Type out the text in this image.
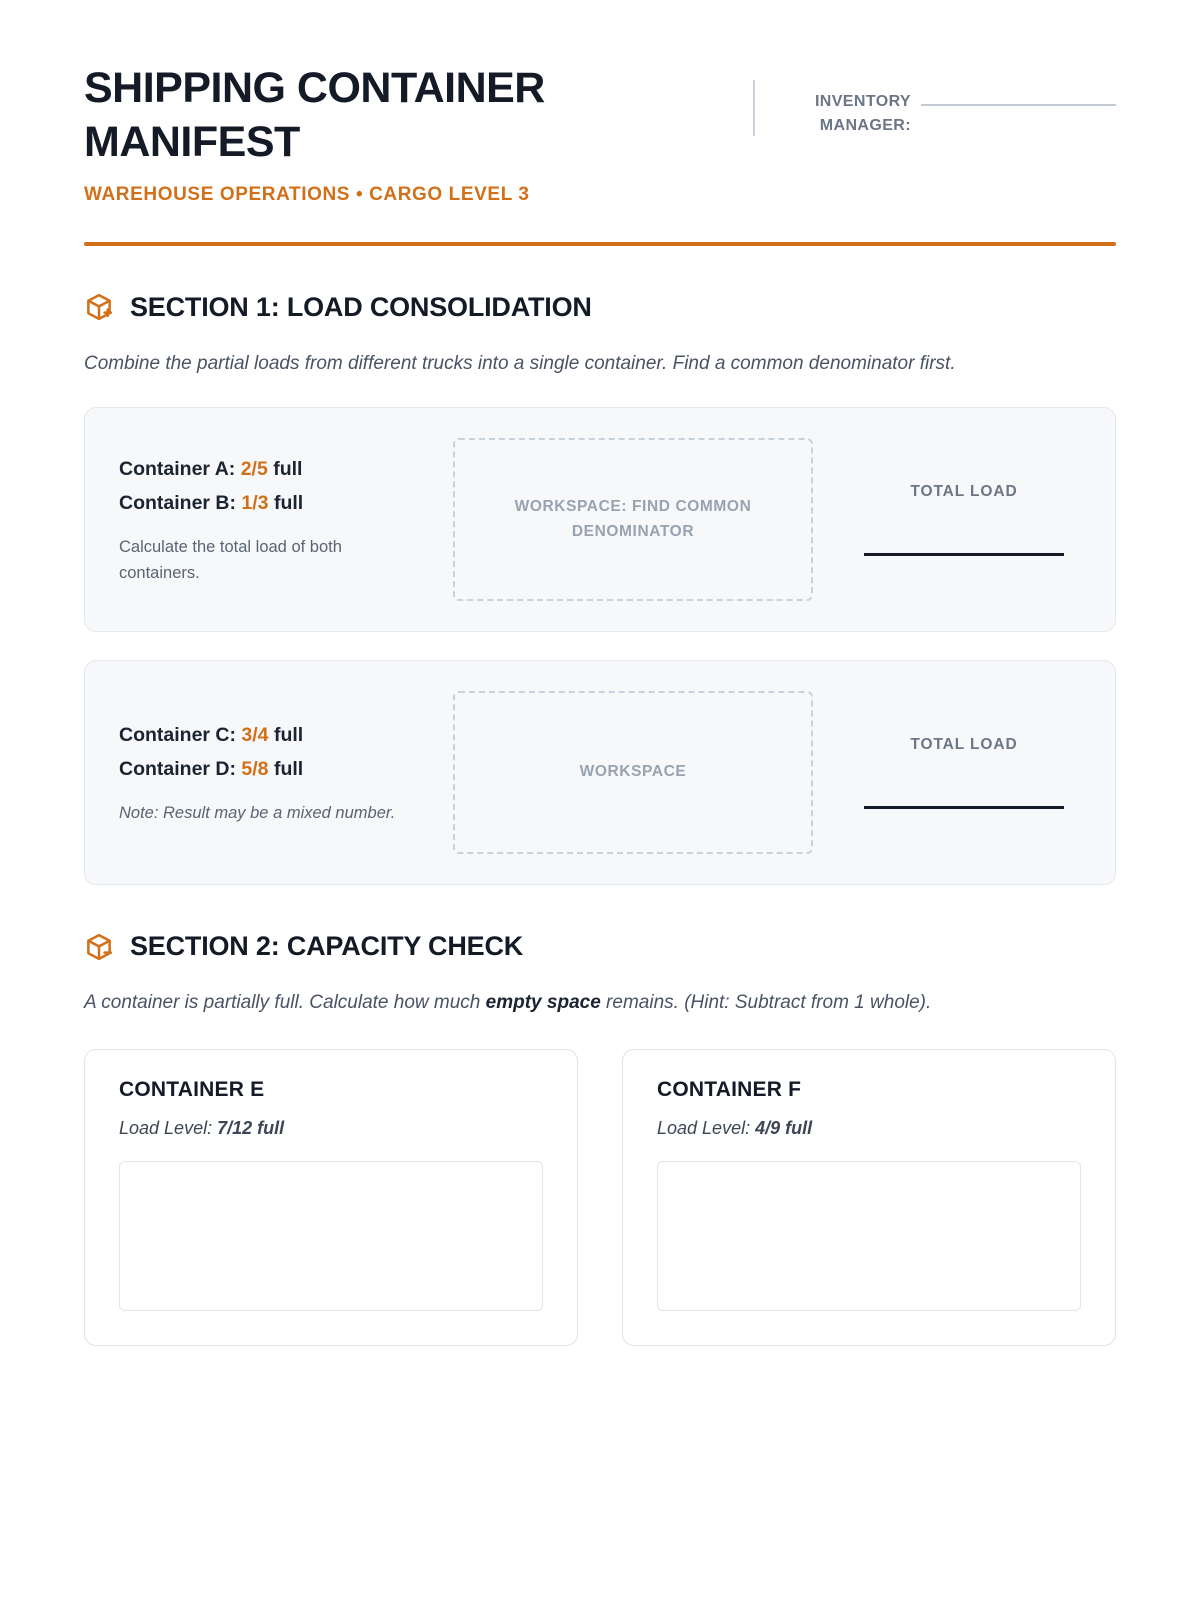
SHIPPING CONTAINER MANIFEST
WAREHOUSE OPERATIONS • CARGO LEVEL 3
INVENTORY MANAGER:
SECTION 1: LOAD CONSOLIDATION
Combine the partial loads from different trucks into a single container. Find a common denominator first.
Container A: 2/5 full
Container B: 1/3 full
Calculate the total load of both containers.
WORKSPACE: FIND COMMON DENOMINATOR
TOTAL LOAD
Container C: 3/4 full
Container D: 5/8 full
Note: Result may be a mixed number.
WORKSPACE
TOTAL LOAD
SECTION 2: CAPACITY CHECK
A container is partially full. Calculate how much empty space remains. (Hint: Subtract from 1 whole).
CONTAINER E
Load Level: 7/12 full
CONTAINER F
Load Level: 4/9 full
